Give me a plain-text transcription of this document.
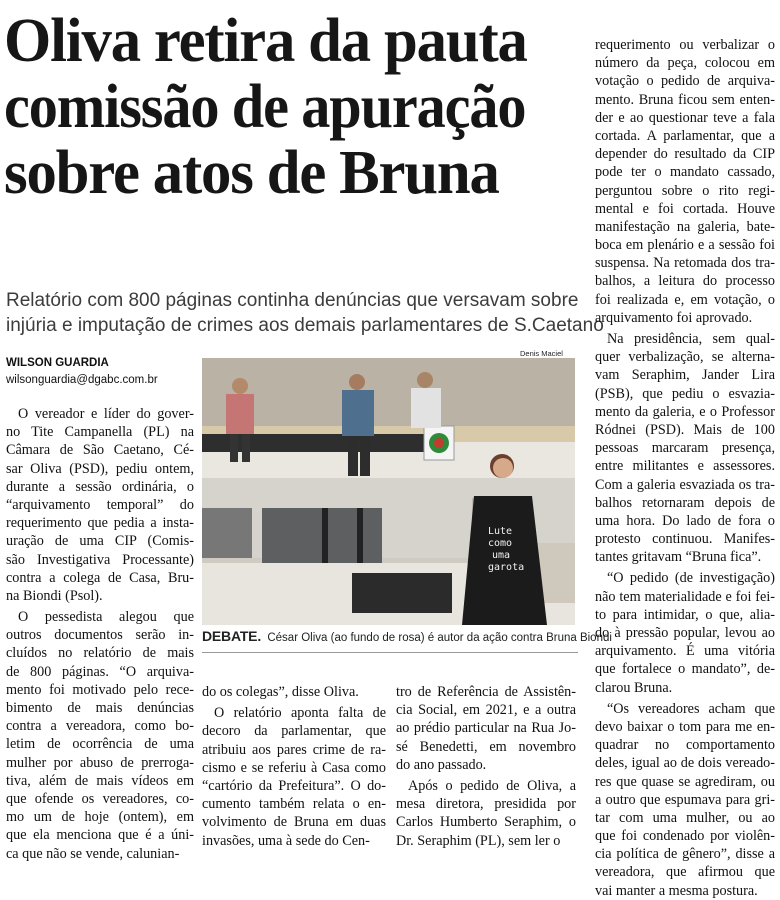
Oliva retira da pauta
comissão de apuração
sobre atos de Bruna
Relatório com 800 páginas continha denúncias que versavam sobre
injúria e imputação de crimes aos demais parlamentares de S.Caetano
WILSON GUARDIA
wilsonguardia@dgabc.com.br
O vereador e líder do gover-
no Tite Campanella (PL) na
Câmara de São Caetano, Cé-
sar Oliva (PSD), pediu ontem,
durante a sessão ordinária, o
“arquivamento temporal” do
requerimento que pedia a insta-
uração de uma CIP (Comis-
são Investigativa Processante)
contra a colega de Casa, Bru-
na Biondi (Psol).
O pessedista alegou que
outros documentos serão in-
cluídos no relatório de mais
de 800 páginas. “O arquiva-
mento foi motivado pelo rece-
bimento de mais denúncias
contra a vereadora, como bo-
letim de ocorrência de uma
mulher por abuso de prerroga-
tiva, além de mais vídeos em
que ofende os vereadores, co-
mo um de hoje (ontem), em
que ela menciona que é a úni-
ca que não se vende, calunian-
do os colegas”, disse Oliva.
O relatório aponta falta de
decoro da parlamentar, que
atribuiu aos pares crime de ra-
cismo e se referiu à Casa como
“cartório da Prefeitura”. O do-
cumento também relata o en-
volvimento de Bruna em duas
invasões, uma à sede do Cen-
tro de Referência de Assistên-
cia Social, em 2021, e a outra
ao prédio particular na Rua Jo-
sé Benedetti, em novembro
do ano passado.
Após o pedido de Oliva, a
mesa diretora, presidida por
Carlos Humberto Seraphim, o
Dr. Seraphim (PL), sem ler o
requerimento ou verbalizar o
número da peça, colocou em
votação o pedido de arquiva-
mento. Bruna ficou sem enten-
der e ao questionar teve a fala
cortada. A parlamentar, que a
depender do resultado da CIP
pode ter o mandato cassado,
perguntou sobre o rito regi-
mental e foi cortada. Houve
manifestação na galeria, bate-
boca em plenário e a sessão foi
suspensa. Na retomada dos tra-
balhos, a leitura do processo
foi realizada e, em votação, o
arquivamento foi aprovado.
Na presidência, sem qual-
quer verbalização, se alterna-
vam Seraphim, Jander Lira
(PSB), que pediu o esvazia-
mento da galeria, e o Professor
Ródnei (PSD). Mais de 100
pessoas marcaram presença,
entre militantes e assessores.
Com a galeria esvaziada os tra-
balhos retornaram depois de
uma hora. Do lado de fora o
protesto continuou. Manifes-
tantes gritavam “Bruna fica”.
“O pedido (de investigação)
não tem materialidade e foi fei-
to para intimidar, o que, alia-
do à pressão popular, levou ao
arquivamento. É uma vitória
que fortalece o mandato”, de-
clarou Bruna.
“Os vereadores acham que
devo baixar o tom para me en-
quadrar no comportamento
deles, igual ao de dois vereado-
res que quase se agrediram, ou
a outro que espumava para gri-
tar com uma mulher, ou ao
que foi condenado por violên-
cia política de gênero”, disse a
vereadora, que afirmou que
vai manter a mesma postura.
Denis Maciel
Lute
como
uma
garota
DEBATE. César Oliva (ao fundo de rosa) é autor da ação contra Bruna Biondi
